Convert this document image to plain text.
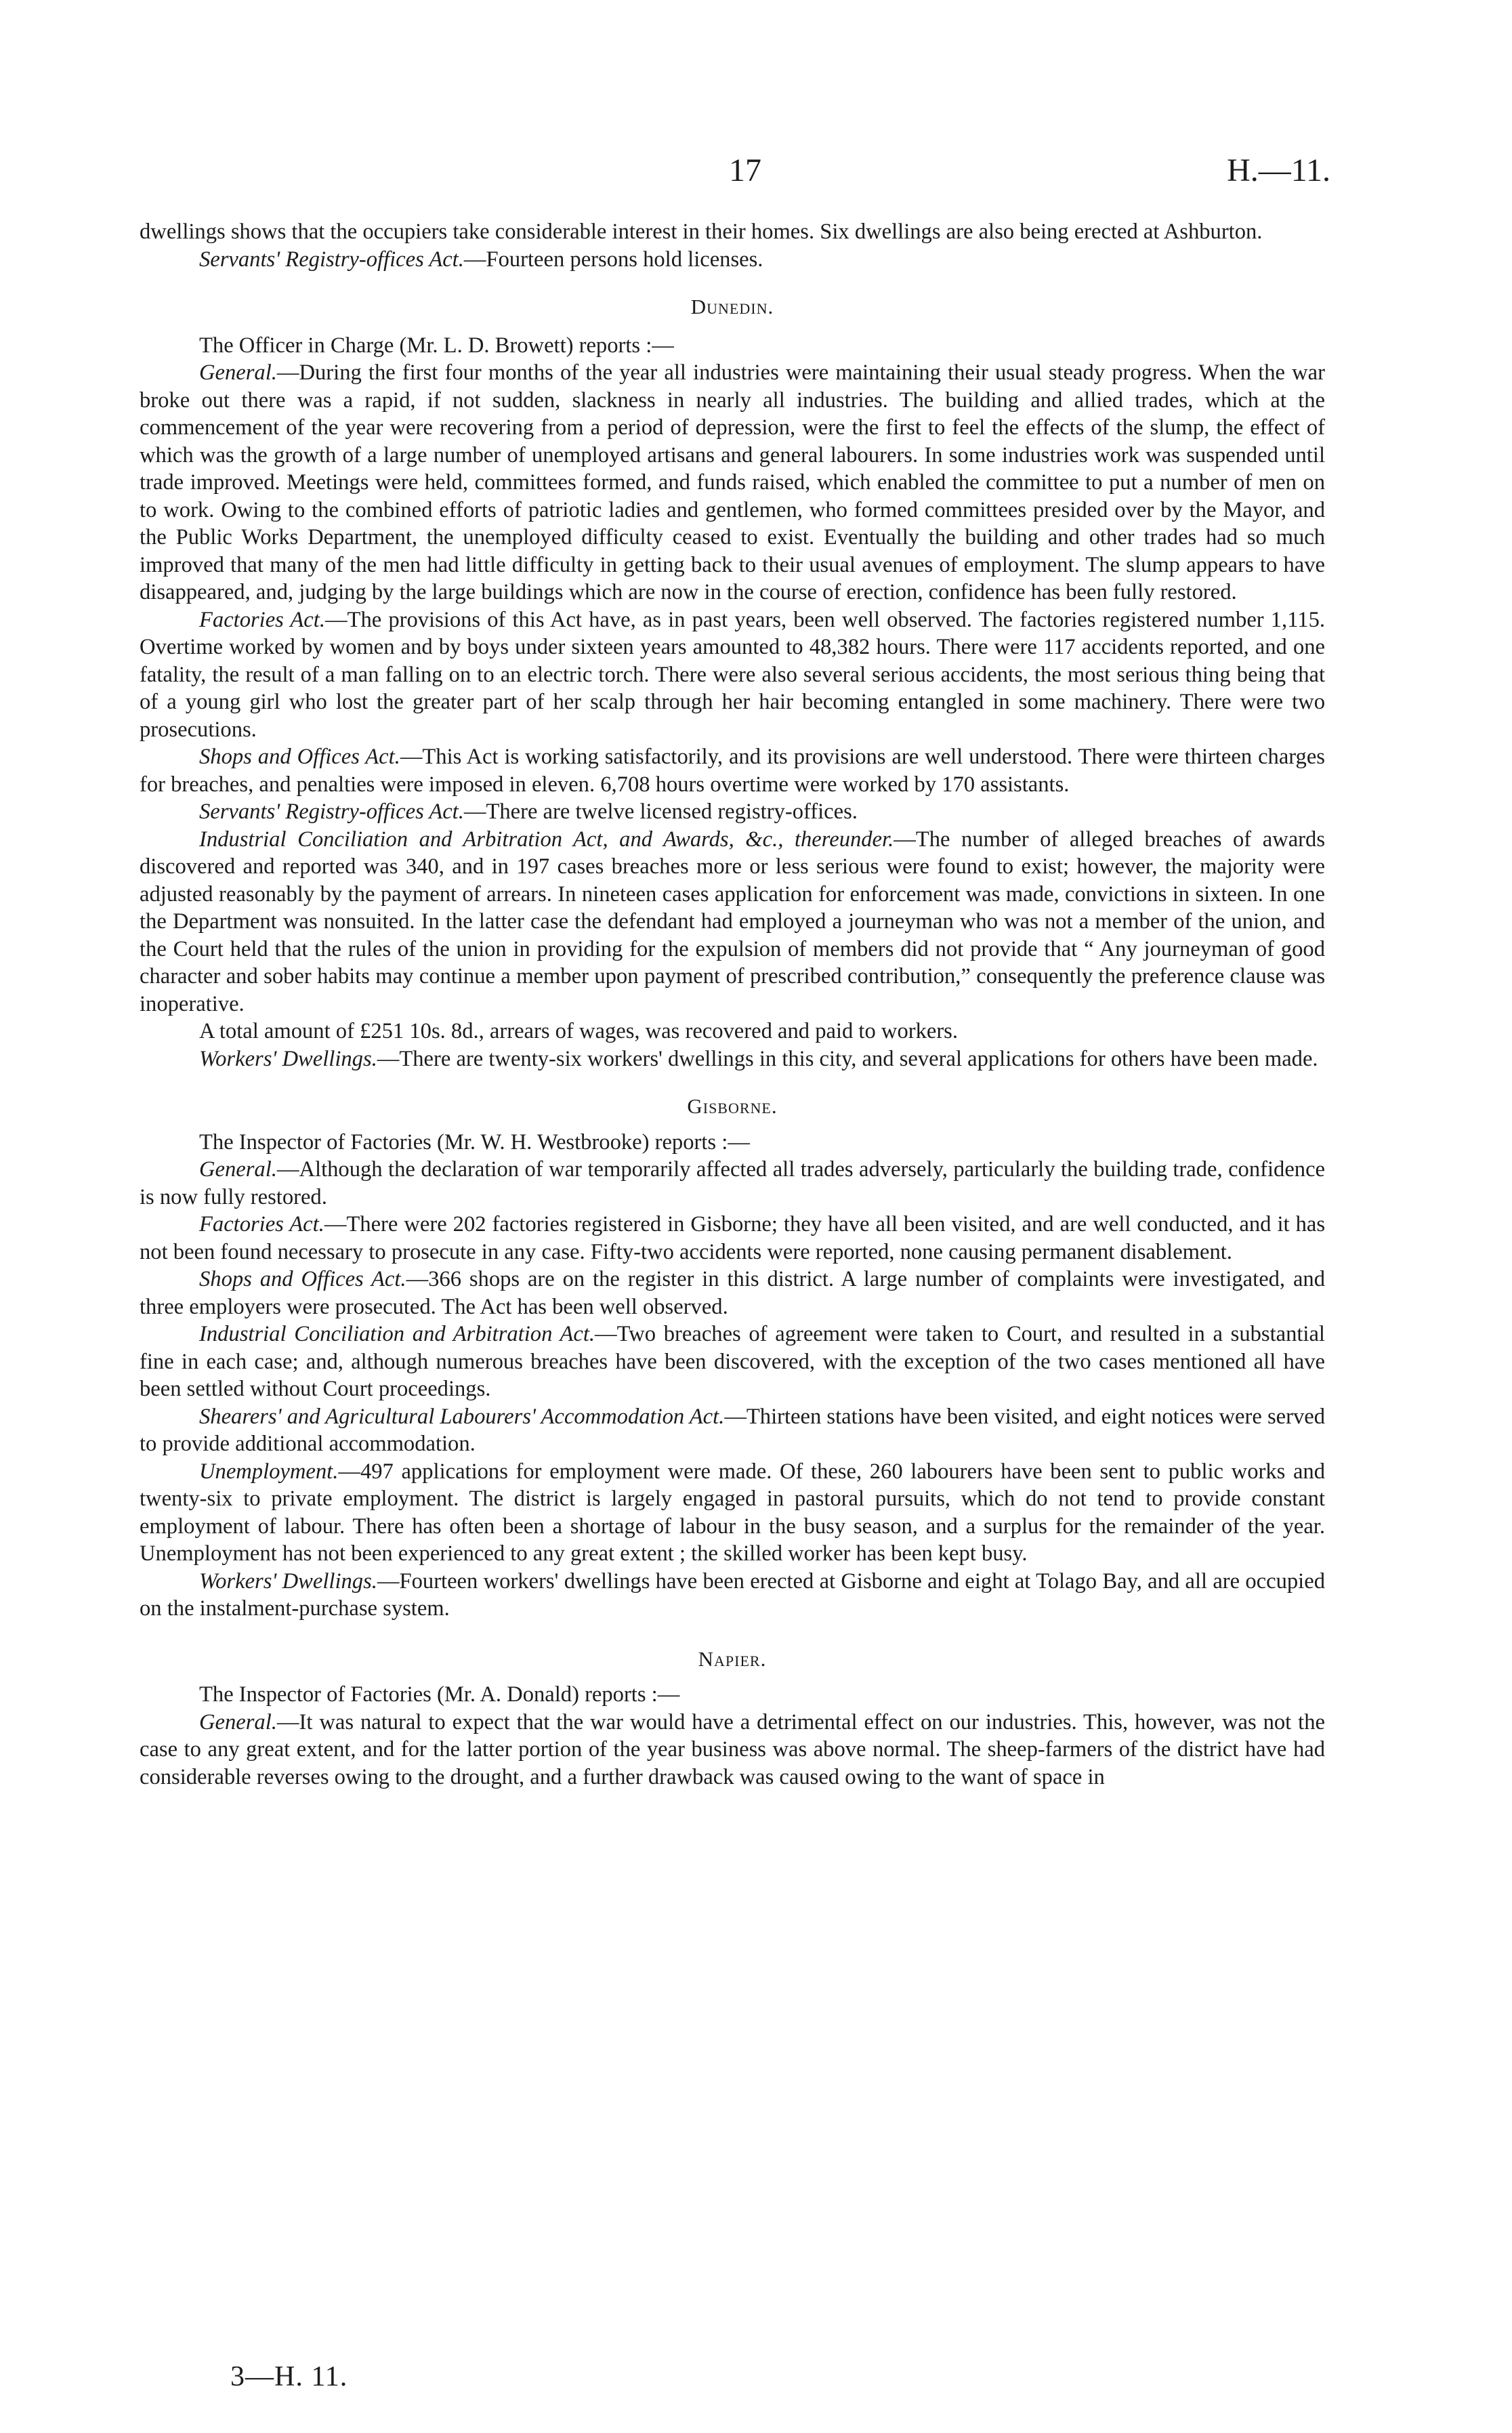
17	H.—11.

dwellings shows that the occupiers take considerable interest in their homes. Six dwellings are also being erected at Ashburton.

Servants' Registry-offices Act.—Fourteen persons hold licenses.

Dunedin.

The Officer in Charge (Mr. L. D. Browett) reports :—

General.—During the first four months of the year all industries were maintaining their usual steady progress. When the war broke out there was a rapid, if not sudden, slackness in nearly all industries. The building and allied trades, which at the commencement of the year were recovering from a period of depression, were the first to feel the effects of the slump, the effect of which was the growth of a large number of unemployed artisans and general labourers. In some industries work was suspended until trade improved. Meetings were held, committees formed, and funds raised, which enabled the committee to put a number of men on to work. Owing to the combined efforts of patriotic ladies and gentlemen, who formed committees presided over by the Mayor, and the Public Works Department, the unemployed difficulty ceased to exist. Eventually the building and other trades had so much improved that many of the men had little difficulty in getting back to their usual avenues of employment. The slump appears to have disappeared, and, judging by the large buildings which are now in the course of erection, confidence has been fully restored.

Factories Act.—The provisions of this Act have, as in past years, been well observed. The factories registered number 1,115. Overtime worked by women and by boys under sixteen years amounted to 48,382 hours. There were 117 accidents reported, and one fatality, the result of a man falling on to an electric torch. There were also several serious accidents, the most serious thing being that of a young girl who lost the greater part of her scalp through her hair becoming entangled in some machinery. There were two prosecutions.

Shops and Offices Act.—This Act is working satisfactorily, and its provisions are well understood. There were thirteen charges for breaches, and penalties were imposed in eleven. 6,708 hours overtime were worked by 170 assistants.

Servants' Registry-offices Act.—There are twelve licensed registry-offices.

Industrial Conciliation and Arbitration Act, and Awards, &c., thereunder.—The number of alleged breaches of awards discovered and reported was 340, and in 197 cases breaches more or less serious were found to exist; however, the majority were adjusted reasonably by the payment of arrears. In nineteen cases application for enforcement was made, convictions in sixteen. In one the Department was nonsuited. In the latter case the defendant had employed a journeyman who was not a member of the union, and the Court held that the rules of the union in providing for the expulsion of members did not provide that “ Any journeyman of good character and sober habits may continue a member upon payment of prescribed contribution,” consequently the preference clause was inoperative.

A total amount of £251 10s. 8d., arrears of wages, was recovered and paid to workers.

Workers' Dwellings.—There are twenty-six workers' dwellings in this city, and several applications for others have been made.

Gisborne.

The Inspector of Factories (Mr. W. H. Westbrooke) reports :—

General.—Although the declaration of war temporarily affected all trades adversely, particularly the building trade, confidence is now fully restored.

Factories Act.—There were 202 factories registered in Gisborne; they have all been visited, and are well conducted, and it has not been found necessary to prosecute in any case. Fifty-two accidents were reported, none causing permanent disablement.

Shops and Offices Act.—366 shops are on the register in this district. A large number of complaints were investigated, and three employers were prosecuted. The Act has been well observed.

Industrial Conciliation and Arbitration Act.—Two breaches of agreement were taken to Court, and resulted in a substantial fine in each case; and, although numerous breaches have been discovered, with the exception of the two cases mentioned all have been settled without Court proceedings.

Shearers' and Agricultural Labourers' Accommodation Act.—Thirteen stations have been visited, and eight notices were served to provide additional accommodation.

Unemployment.—497 applications for employment were made. Of these, 260 labourers have been sent to public works and twenty-six to private employment. The district is largely engaged in pastoral pursuits, which do not tend to provide constant employment of labour. There has often been a shortage of labour in the busy season, and a surplus for the remainder of the year. Unemployment has not been experienced to any great extent ; the skilled worker has been kept busy.

Workers' Dwellings.—Fourteen workers' dwellings have been erected at Gisborne and eight at Tolago Bay, and all are occupied on the instalment-purchase system.

Napier.

The Inspector of Factories (Mr. A. Donald) reports :—

General.—It was natural to expect that the war would have a detrimental effect on our industries. This, however, was not the case to any great extent, and for the latter portion of the year business was above normal. The sheep-farmers of the district have had considerable reverses owing to the drought, and a further drawback was caused owing to the want of space in

3—H. 11.
